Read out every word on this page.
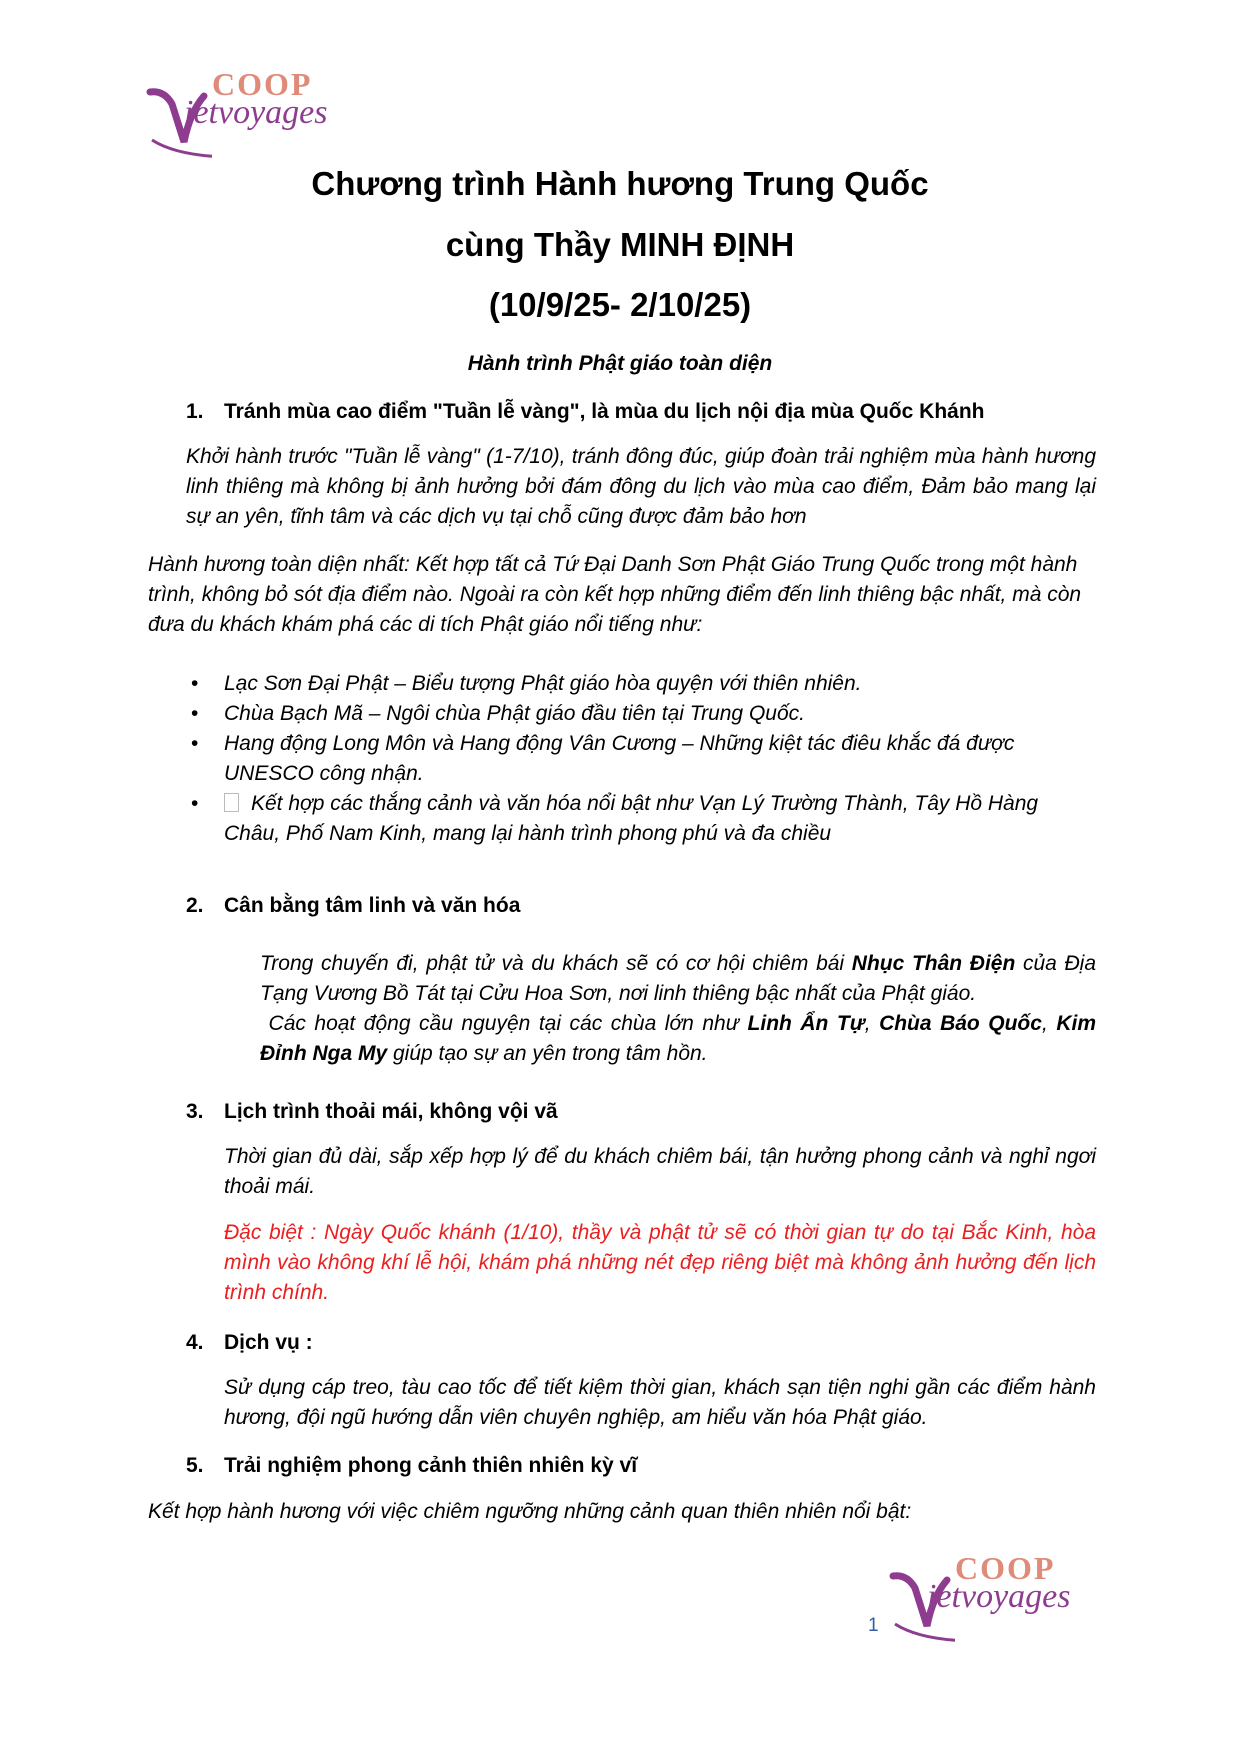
COOP
ietvoyages
Chương trình Hành hương Trung Quốc
cùng Thầy MINH ĐỊNH
(10/9/25- 2/10/25)
Hành trình Phật giáo toàn diện
1. Tránh mùa cao điểm "Tuần lễ vàng", là mùa du lịch nội địa mùa Quốc Khánh
Khởi hành trước "Tuần lễ vàng" (1-7/10), tránh đông đúc, giúp đoàn trải nghiệm mùa hành hương linh thiêng mà không bị ảnh hưởng bởi đám đông du lịch vào mùa cao điểm, Đảm bảo mang lại sự an yên, tĩnh tâm và các dịch vụ tại chỗ cũng được đảm bảo hơn
Hành hương toàn diện nhất: Kết hợp tất cả Tứ Đại Danh Sơn Phật Giáo Trung Quốc trong một hành trình, không bỏ sót địa điểm nào. Ngoài ra còn kết hợp những điểm đến linh thiêng bậc nhất, mà còn đưa du khách khám phá các di tích Phật giáo nổi tiếng như:
• Lạc Sơn Đại Phật – Biểu tượng Phật giáo hòa quyện với thiên nhiên.
• Chùa Bạch Mã – Ngôi chùa Phật giáo đầu tiên tại Trung Quốc.
• Hang động Long Môn và Hang động Vân Cương – Những kiệt tác điêu khắc đá được UNESCO công nhận.
• Kết hợp các thắng cảnh và văn hóa nổi bật như Vạn Lý Trường Thành, Tây Hồ Hàng Châu, Phố Nam Kinh, mang lại hành trình phong phú và đa chiều
2. Cân bằng tâm linh và văn hóa
Trong chuyến đi, phật tử và du khách sẽ có cơ hội chiêm bái Nhục Thân Điện của Địa Tạng Vương Bồ Tát tại Cửu Hoa Sơn, nơi linh thiêng bậc nhất của Phật giáo.
Các hoạt động cầu nguyện tại các chùa lớn như Linh Ẩn Tự, Chùa Báo Quốc, Kim Đỉnh Nga My giúp tạo sự an yên trong tâm hồn.
3. Lịch trình thoải mái, không vội vã
Thời gian đủ dài, sắp xếp hợp lý để du khách chiêm bái, tận hưởng phong cảnh và nghỉ ngơi thoải mái.
Đặc biệt : Ngày Quốc khánh (1/10), thầy và phật tử sẽ có thời gian tự do tại Bắc Kinh, hòa mình vào không khí lễ hội, khám phá những nét đẹp riêng biệt mà không ảnh hưởng đến lịch trình chính.
4. Dịch vụ :
Sử dụng cáp treo, tàu cao tốc để tiết kiệm thời gian, khách sạn tiện nghi gần các điểm hành hương, đội ngũ hướng dẫn viên chuyên nghiệp, am hiểu văn hóa Phật giáo.
5. Trải nghiệm phong cảnh thiên nhiên kỳ vĩ
Kết hợp hành hương với việc chiêm ngưỡng những cảnh quan thiên nhiên nổi bật:
COOP
ietvoyages
1
